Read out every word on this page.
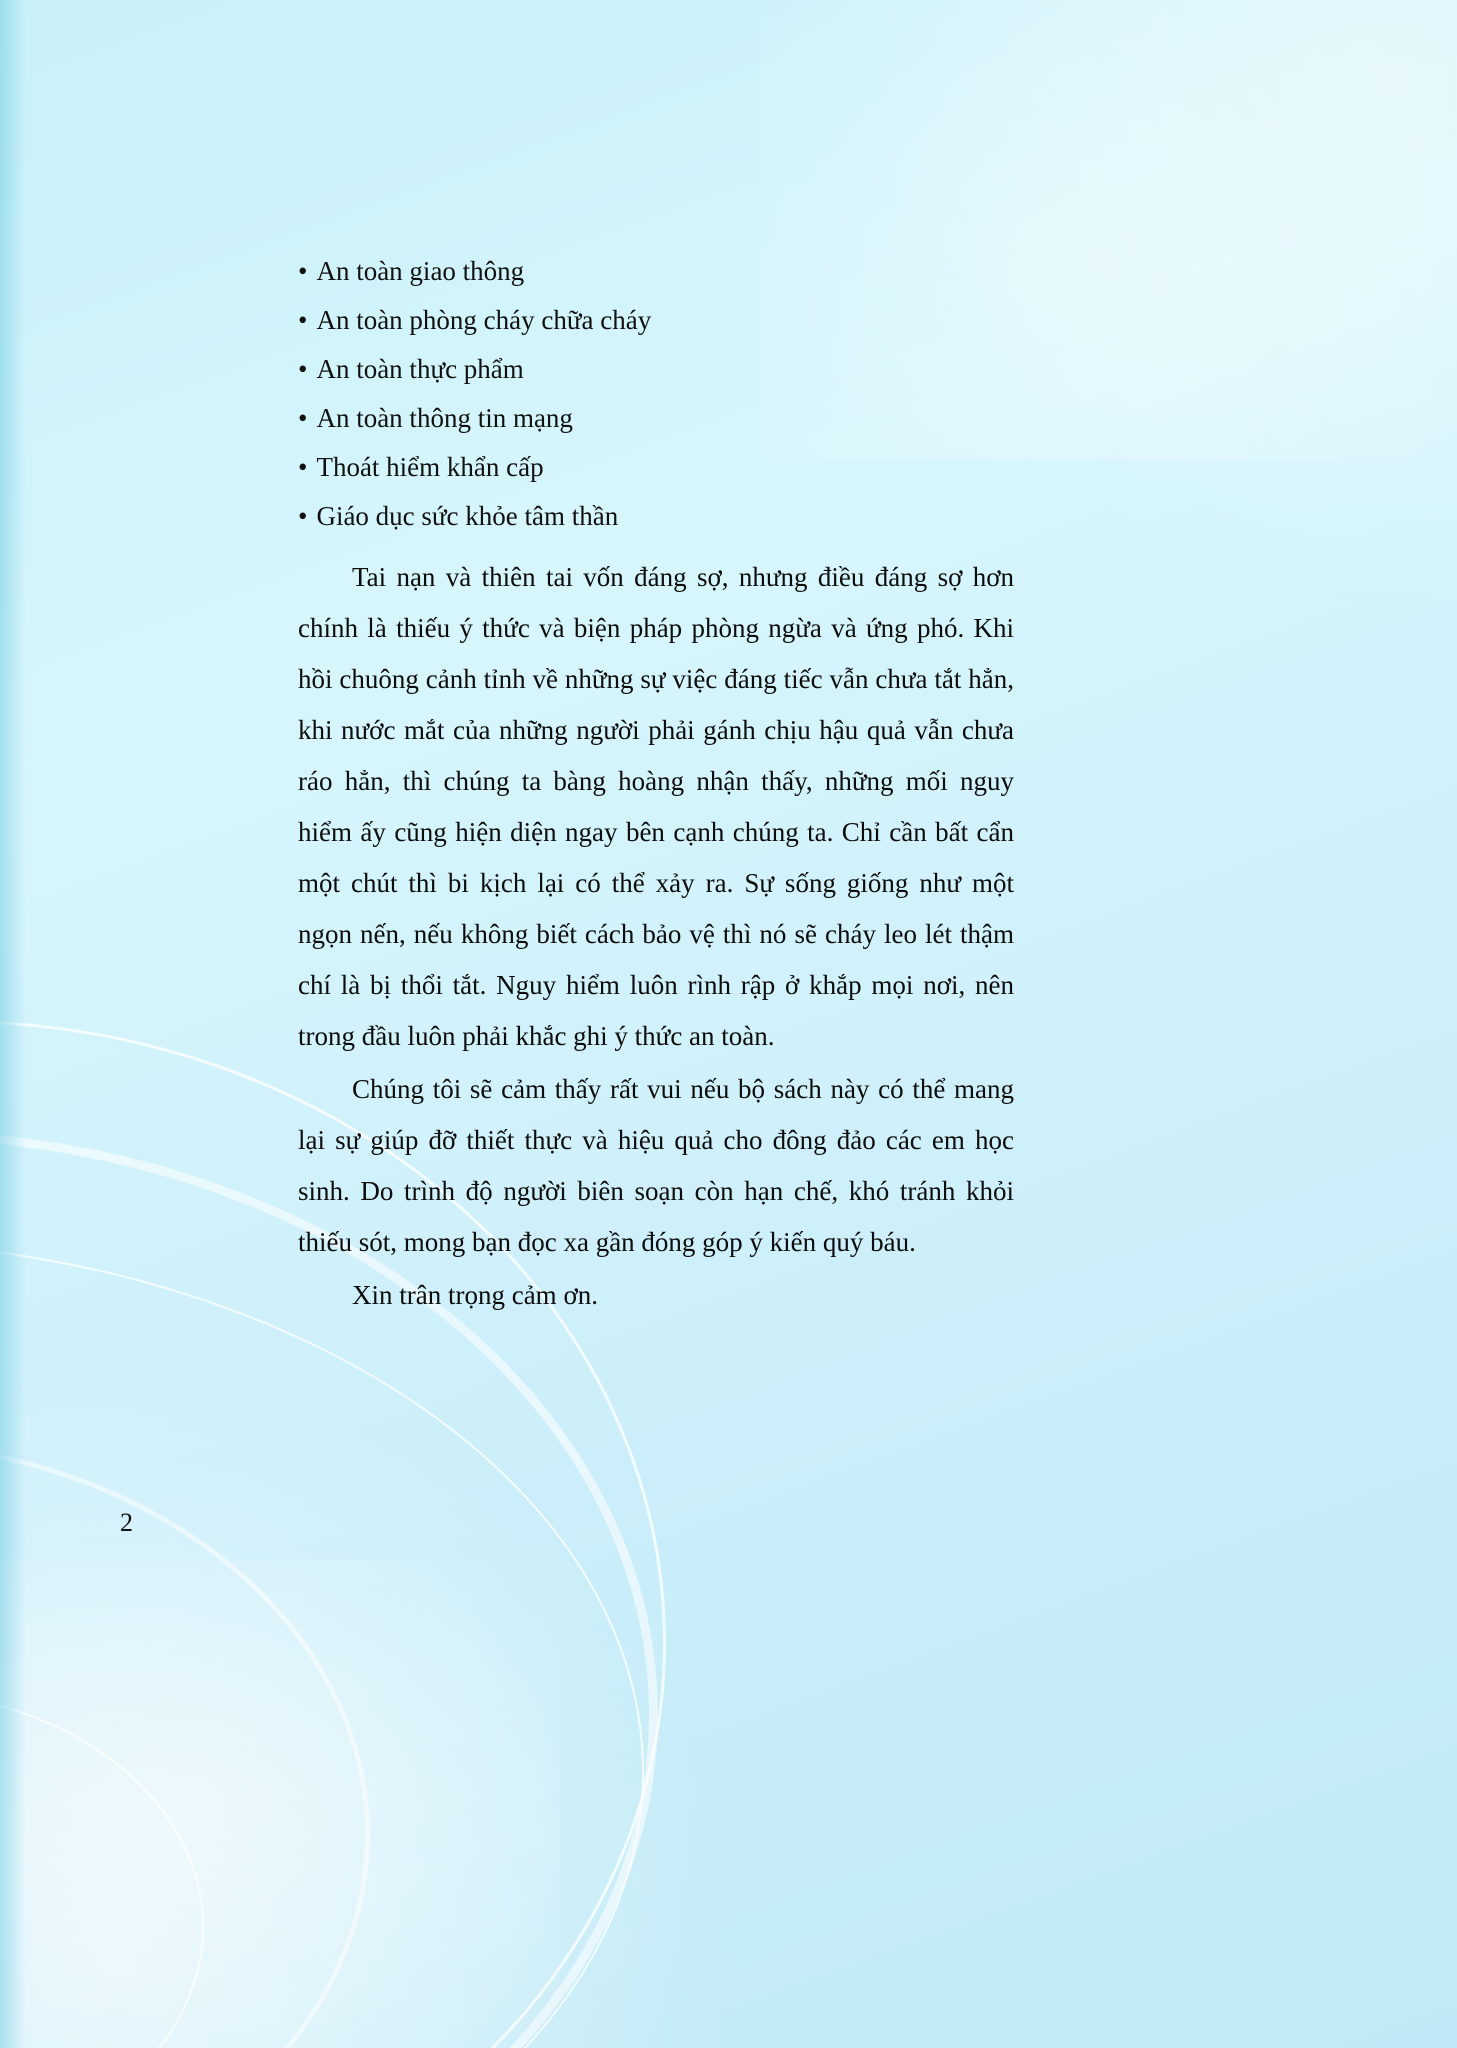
• An toàn giao thông
• An toàn phòng cháy chữa cháy
• An toàn thực phẩm
• An toàn thông tin mạng
• Thoát hiểm khẩn cấp
• Giáo dục sức khỏe tâm thần

Tai nạn và thiên tai vốn đáng sợ, nhưng điều đáng sợ hơn chính là thiếu ý thức và biện pháp phòng ngừa và ứng phó. Khi hồi chuông cảnh tỉnh về những sự việc đáng tiếc vẫn chưa tắt hẳn, khi nước mắt của những người phải gánh chịu hậu quả vẫn chưa ráo hẳn, thì chúng ta bàng hoàng nhận thấy, những mối nguy hiểm ấy cũng hiện diện ngay bên cạnh chúng ta. Chỉ cần bất cẩn một chút thì bi kịch lại có thể xảy ra. Sự sống giống như một ngọn nến, nếu không biết cách bảo vệ thì nó sẽ cháy leo lét thậm chí là bị thổi tắt. Nguy hiểm luôn rình rập ở khắp mọi nơi, nên trong đầu luôn phải khắc ghi ý thức an toàn.

Chúng tôi sẽ cảm thấy rất vui nếu bộ sách này có thể mang lại sự giúp đỡ thiết thực và hiệu quả cho đông đảo các em học sinh. Do trình độ người biên soạn còn hạn chế, khó tránh khỏi thiếu sót, mong bạn đọc xa gần đóng góp ý kiến quý báu.

Xin trân trọng cảm ơn.

2
